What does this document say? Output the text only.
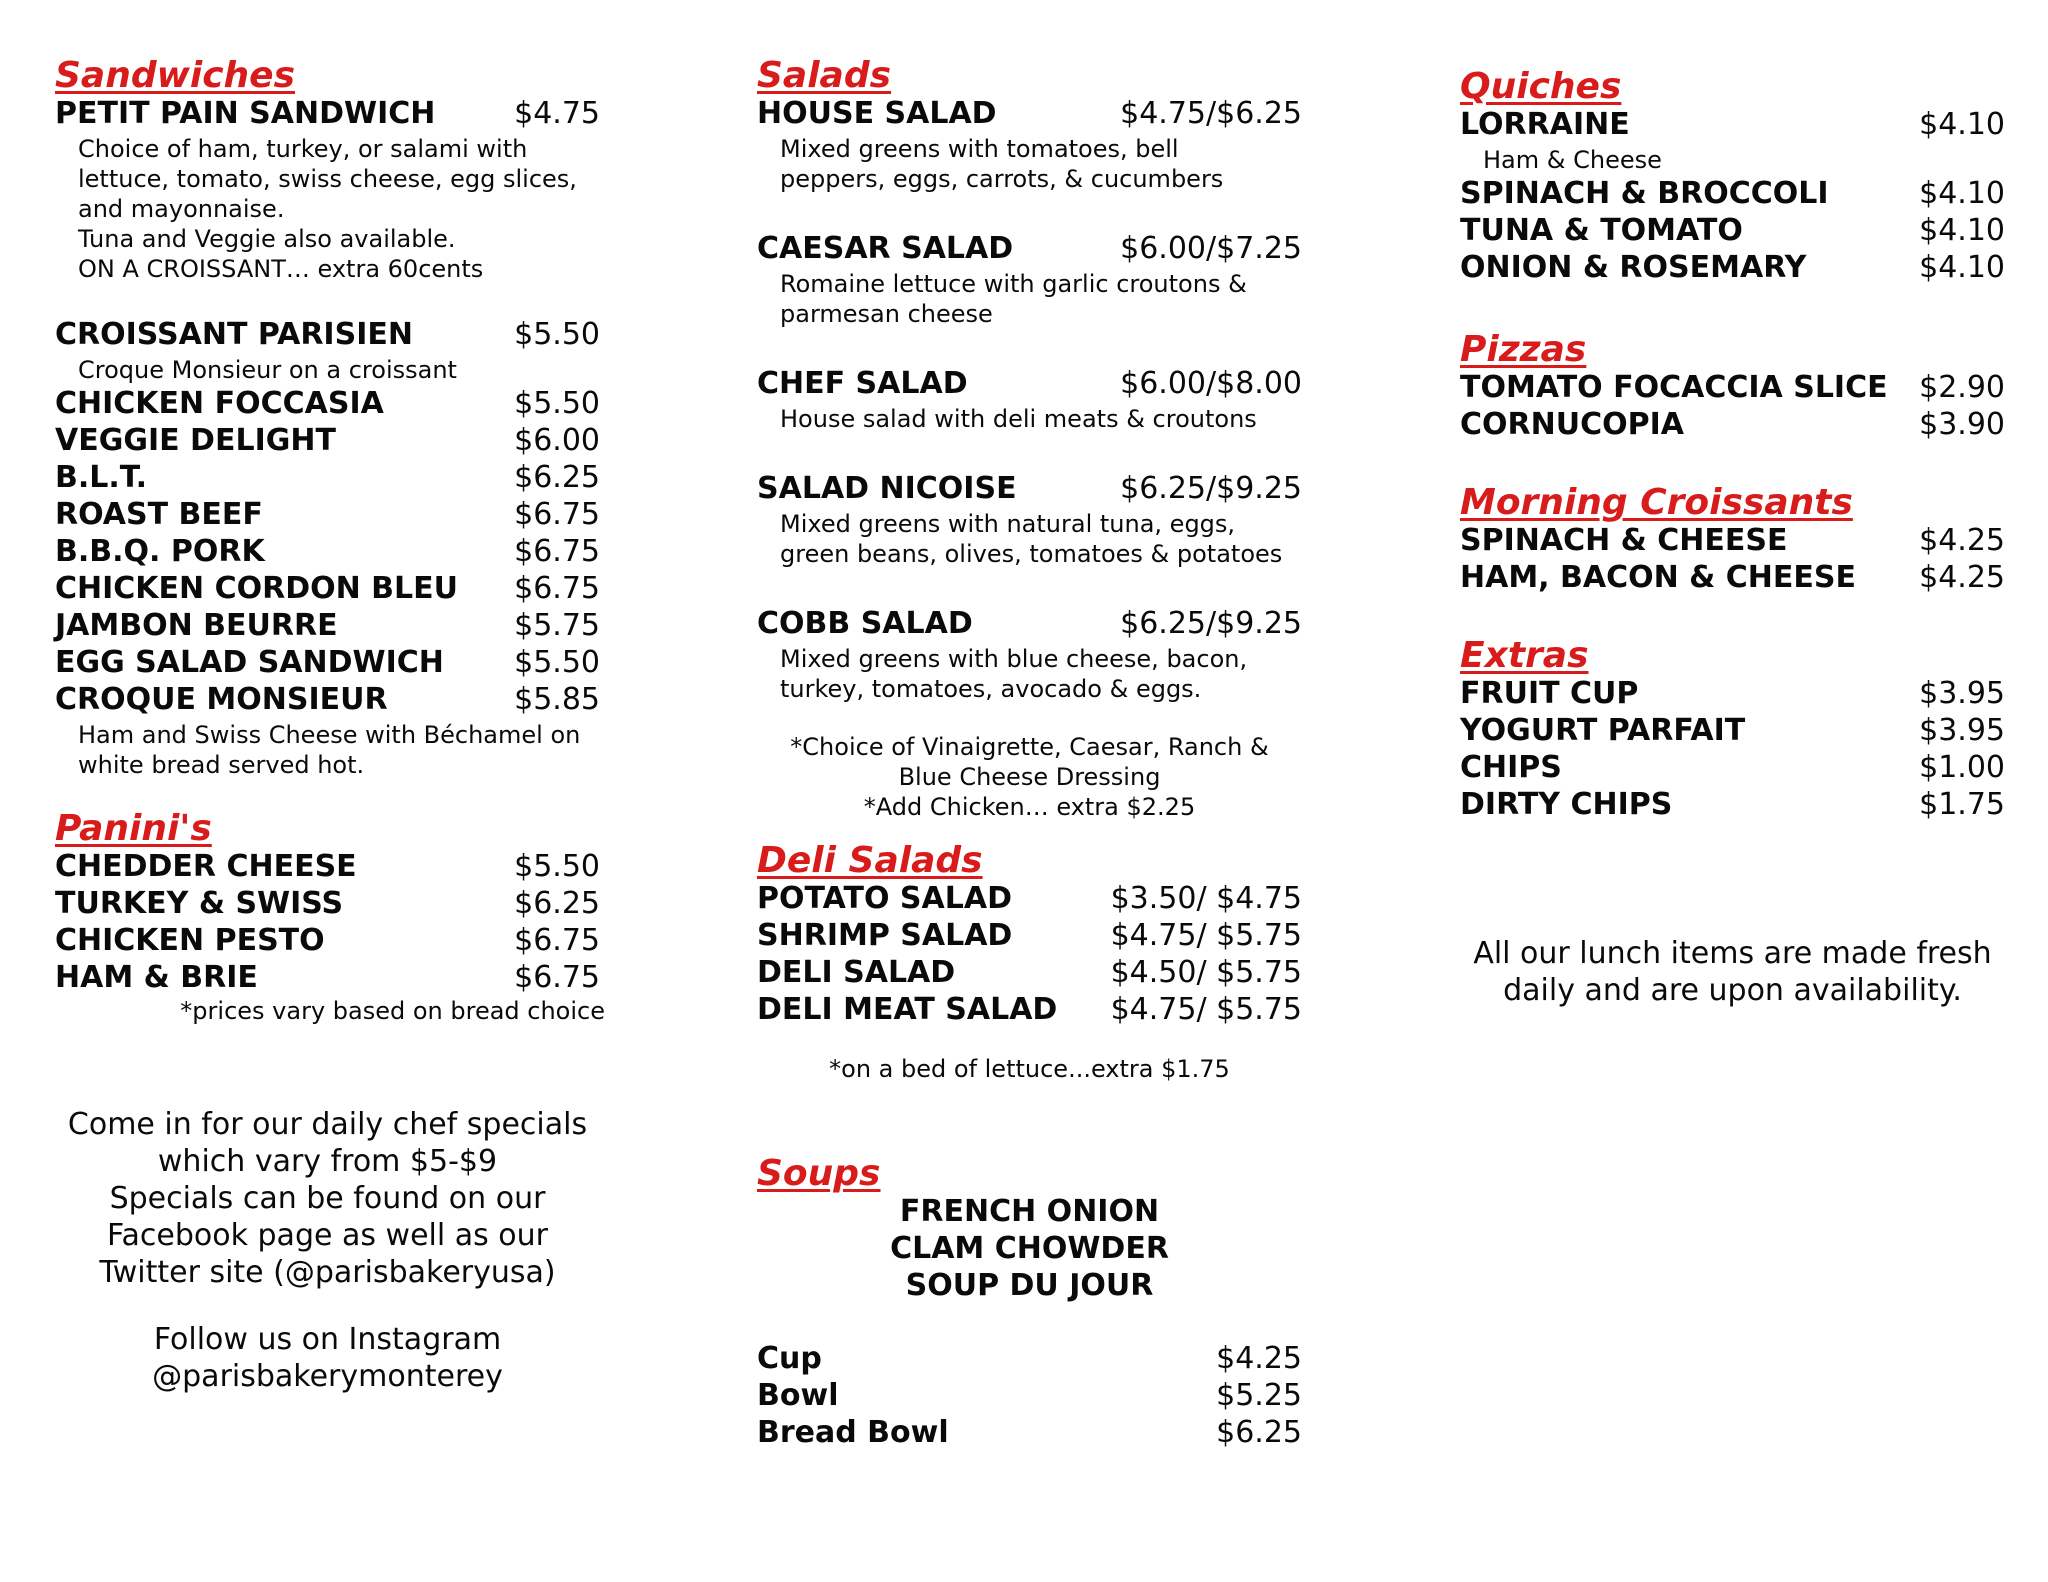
Sandwiches
PETIT PAIN SANDWICH	$4.75
Choice of ham, turkey, or salami with
lettuce, tomato, swiss cheese, egg slices,
and mayonnaise.
Tuna and Veggie also available.
ON A CROISSANT… extra 60cents
CROISSANT PARISIEN	$5.50
Croque Monsieur on a croissant
CHICKEN FOCCASIA	$5.50
VEGGIE DELIGHT	$6.00
B.L.T.	$6.25
ROAST BEEF	$6.75
B.B.Q. PORK	$6.75
CHICKEN CORDON BLEU $6.75
JAMBON BEURRE	$5.75
EGG SALAD SANDWICH $5.50
CROQUE MONSIEUR	$5.85
Ham and Swiss Cheese with Béchamel on
white bread served hot.
Panini's
CHEDDER CHEESE	$5.50
TURKEY & SWISS	$6.25
CHICKEN PESTO	$6.75
HAM & BRIE	$6.75
*prices vary based on bread choice
Come in for our daily chef specials
which vary from $5-$9
Specials can be found on our
Facebook page as well as our
Twitter site (@parisbakeryusa)
Follow us on Instagram
@parisbakerymonterey
Salads
HOUSE SALAD	$4.75/$6.25
Mixed greens with tomatoes, bell
peppers, eggs, carrots, & cucumbers
CAESAR SALAD	$6.00/$7.25
Romaine lettuce with garlic croutons &
parmesan cheese
CHEF SALAD	$6.00/$8.00
House salad with deli meats & croutons
SALAD NICOISE	$6.25/$9.25
Mixed greens with natural tuna, eggs,
green beans, olives, tomatoes & potatoes
COBB SALAD	$6.25/$9.25
Mixed greens with blue cheese, bacon,
turkey, tomatoes, avocado & eggs.
*Choice of Vinaigrette, Caesar, Ranch &
Blue Cheese Dressing
*Add Chicken… extra $2.25
Deli Salads
POTATO SALAD	$3.50/ $4.75
SHRIMP SALAD	$4.75/ $5.75
DELI SALAD	$4.50/ $5.75
DELI MEAT SALAD $4.75/ $5.75
*on a bed of lettuce...extra $1.75
Soups
FRENCH ONION
CLAM CHOWDER
SOUP DU JOUR
Cup	$4.25
Bowl	$5.25
Bread Bowl	$6.25
Quiches
LORRAINE	$4.10
Ham & Cheese
SPINACH & BROCCOLI	$4.10
TUNA & TOMATO	$4.10
ONION & ROSEMARY	$4.10
Pizzas
TOMATO FOCACCIA SLICE $2.90
CORNUCOPIA	$3.90
Morning Croissants
SPINACH & CHEESE	$4.25
HAM, BACON & CHEESE $4.25
Extras
FRUIT CUP	$3.95
YOGURT PARFAIT	$3.95
CHIPS	$1.00
DIRTY CHIPS	$1.75
All our lunch items are made fresh
daily and are upon availability.
